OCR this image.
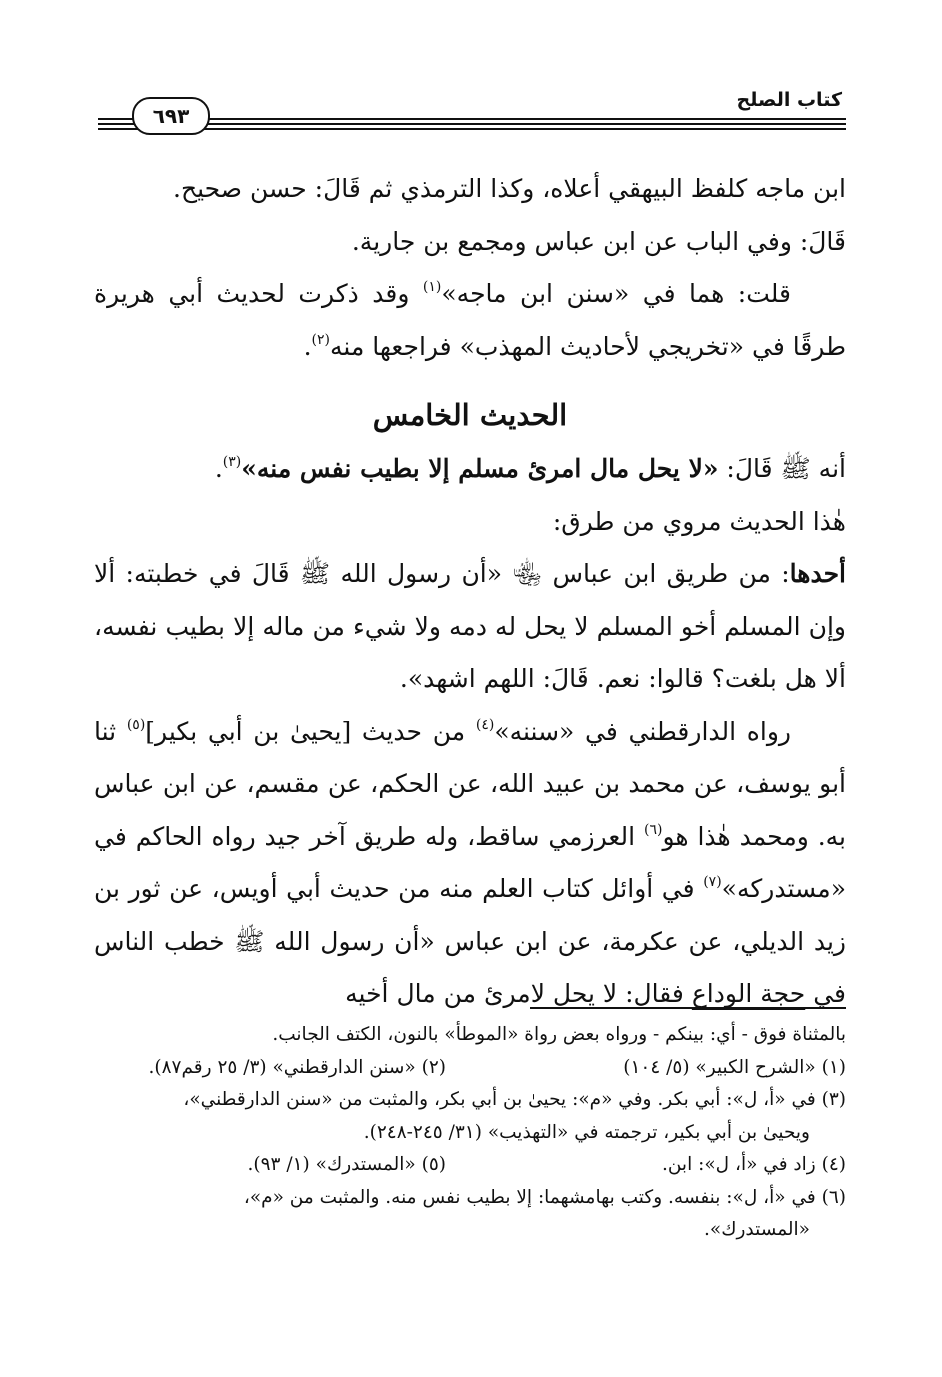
كتاب الصلح
٦٩٣

ابن ماجه كلفظ البيهقي أعلاه، وكذا الترمذي ثم قَالَ: حسن صحيح.

قَالَ: وفي الباب عن ابن عباس ومجمع بن جارية.

قلت: هما في «سنن ابن ماجه»$^{(١)}$ وقد ذكرت لحديث أبي هريرة طرقًا في «تخريجي لأحاديث المهذب» فراجعها منه$^{(٢)}$.

الحديث الخامس

أنه ﷺ قَالَ: «لا يحل مال امرئ مسلم إلا بطيب نفس منه»$^{(٣)}$.

هٰذا الحديث مروي من طرق:

أحدها: من طريق ابن عباس ﵄ «أن رسول الله ﷺ قَالَ في خطبته: ألا وإن المسلم أخو المسلم لا يحل له دمه ولا شيء من ماله إلا بطيب نفسه، ألا هل بلغت؟ قالوا: نعم. قَالَ: اللهم اشهد».

رواه الدارقطني في «سننه»$^{(٤)}$ من حديث [يحيىٰ بن أبي بكير]$^{(٥)}$ ثنا أبو يوسف، عن محمد بن عبيد الله، عن الحكم، عن مقسم، عن ابن عباس به. ومحمد هٰذا هو$^{(٦)}$ العرزمي ساقط، وله طريق آخر جيد رواه الحاكم في «مستدركه»$^{(٧)}$ في أوائل كتاب العلم منه من حديث أبي أويس، عن ثور بن زيد الديلي، عن عكرمة، عن ابن عباس «أن رسول الله ﷺ خطب الناس في حجة الوداع فقال: لا يحل لامرئ من مال أخيه

بالمثناة فوق - أي: بينكم - ورواه بعض رواة «الموطأ» بالنون، الكتف الجانب.

(١) «الشرح الكبير» (٥/ ١٠٤)
(٢) «سنن الدارقطني» (٣/ ٢٥ رقم٨٧).

(٣) في «أ، ل»: أبي بكر. وفي «م»: يحيىٰ بن أبي بكر، والمثبت من «سنن الدارقطني»،

ويحيىٰ بن أبي بكير، ترجمته في «التهذيب» (٣١/ ٢٤٥-٢٤٨).

(٤) زاد في «أ، ل»: ابن.
(٥) «المستدرك» (١/ ٩٣).

(٦) في «أ، ل»: بنفسه. وكتب بهامشهما: إلا بطيب نفس منه. والمثبت من «م»،

«المستدرك».
